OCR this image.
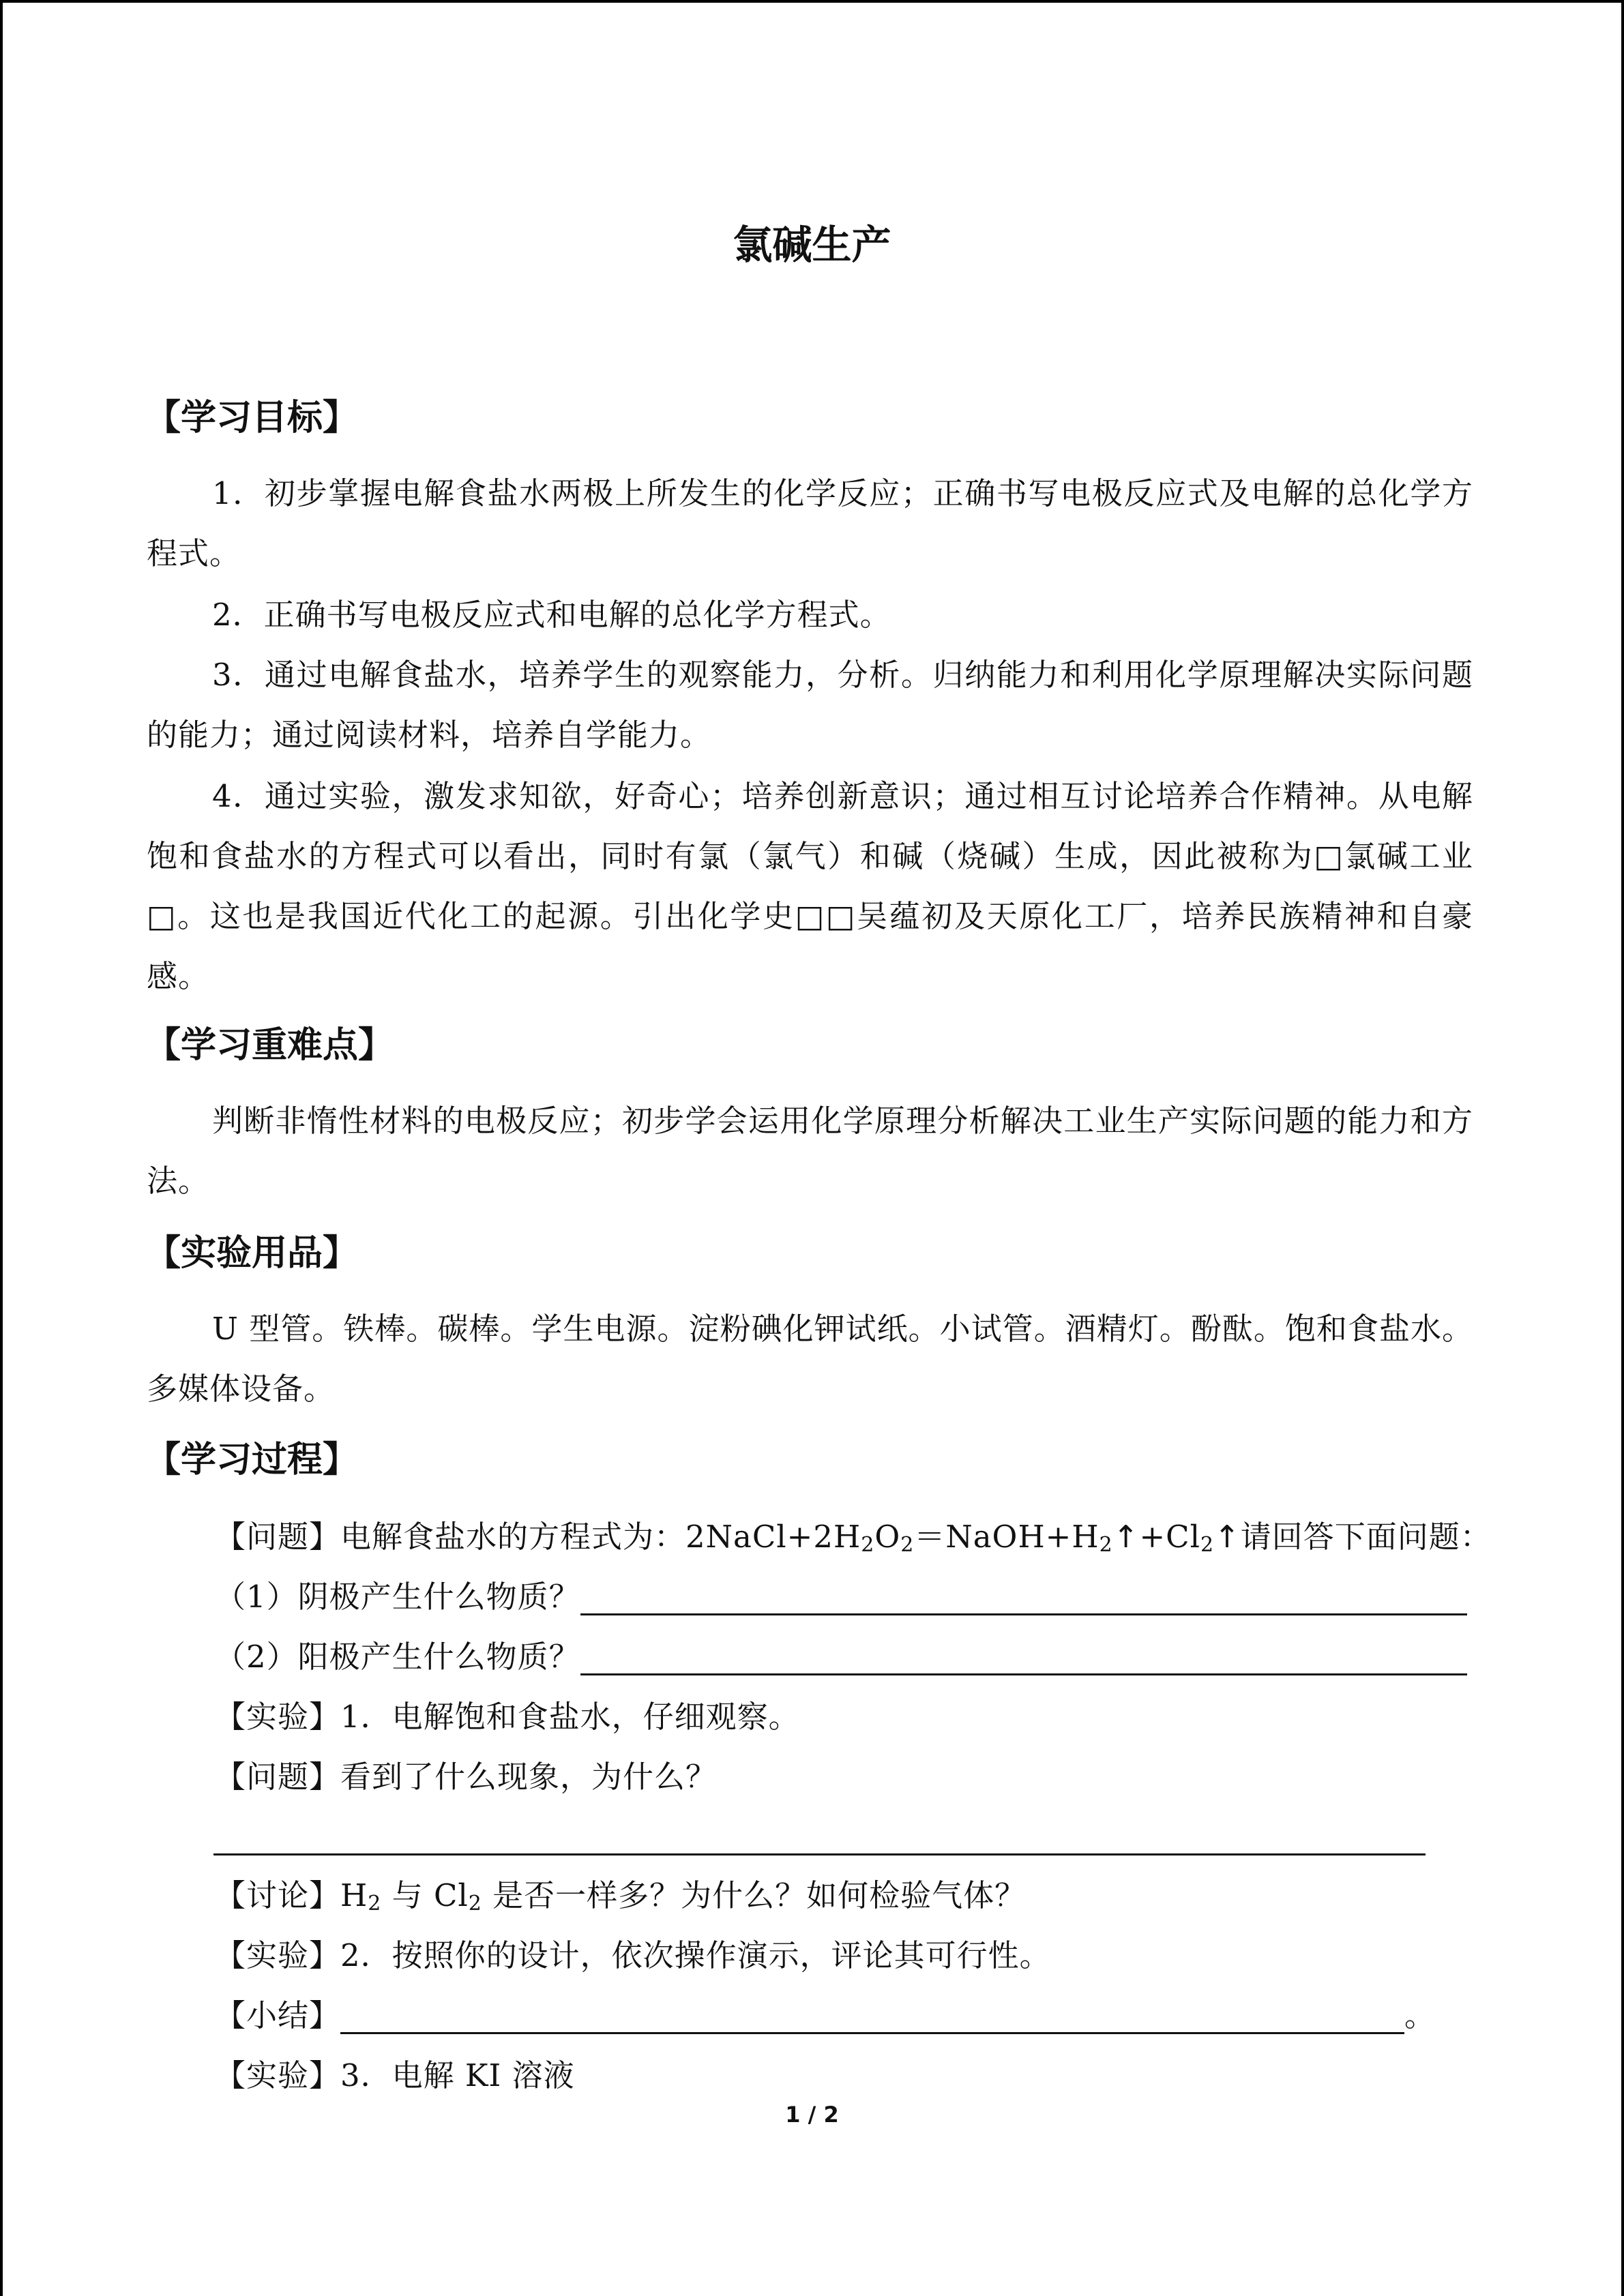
氯碱生产
【学习目标】
1．初步掌握电解食盐水两极上所发生的化学反应；正确书写电极反应式及电解的总化学方程式。
2．正确书写电极反应式和电解的总化学方程式。
3．通过电解食盐水，培养学生的观察能力，分析。归纳能力和利用化学原理解决实际问题的能力；通过阅读材料，培养自学能力。
4．通过实验，激发求知欲，好奇心；培养创新意识；通过相互讨论培养合作精神。从电解饱和食盐水的方程式可以看出，同时有氯（氯气）和碱（烧碱）生成，因此被称为□氯碱工业□。这也是我国近代化工的起源。引出化学史□□吴蕴初及天原化工厂，培养民族精神和自豪感。
【学习重难点】
判断非惰性材料的电极反应；初步学会运用化学原理分析解决工业生产实际问题的能力和方法。
【实验用品】
U 型管。铁棒。碳棒。学生电源。淀粉碘化钾试纸。小试管。酒精灯。酚酞。饱和食盐水。多媒体设备。
【学习过程】
【问题】电解食盐水的方程式为：$2NaCl+2H_2O_2=NaOH+H_2↑+Cl_2↑$请回答下面问题：
（1）阴极产生什么物质？
（2）阳极产生什么物质？
【实验】1．电解饱和食盐水，仔细观察。
【问题】看到了什么现象，为什么？
【讨论】$H_2$ 与 $Cl_2$ 是否一样多？为什么？如何检验气体？
【实验】2．按照你的设计，依次操作演示，评论其可行性。
【小结】	。
【实验】3．电解 KI 溶液
1 / 2
